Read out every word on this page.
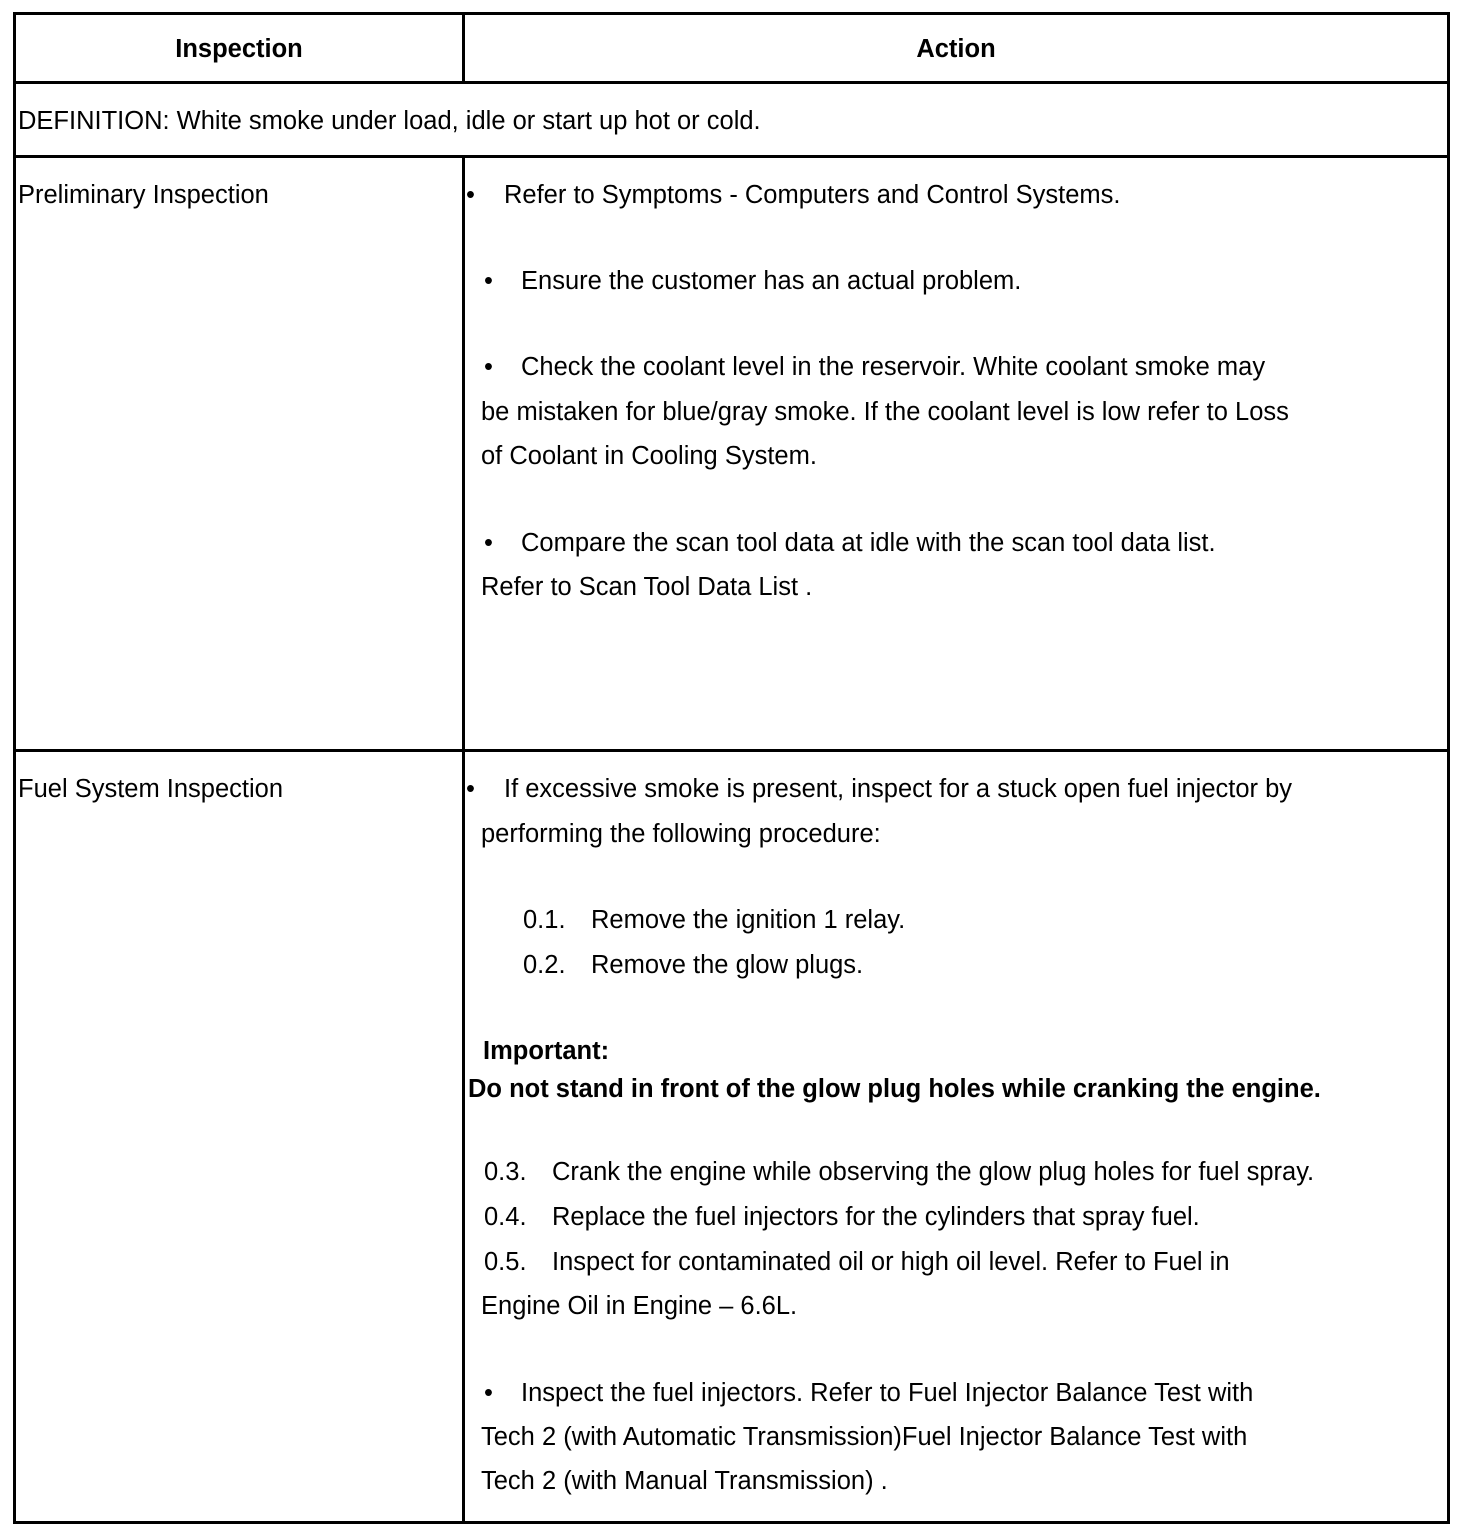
Inspection	Action
DEFINITION: White smoke under load, idle or start up hot or cold.
Preliminary Inspection	• Refer to Symptoms - Computers and Control Systems.
• Ensure the customer has an actual problem.
• Check the coolant level in the reservoir. White coolant smoke may
be mistaken for blue/gray smoke. If the coolant level is low refer to Loss
of Coolant in Cooling System.
• Compare the scan tool data at idle with the scan tool data list.
Refer to Scan Tool Data List .
Fuel System Inspection	• If excessive smoke is present, inspect for a stuck open fuel injector by
performing the following procedure:
0.1. Remove the ignition 1 relay.
0.2. Remove the glow plugs.
Important:
Do not stand in front of the glow plug holes while cranking the engine.
0.3. Crank the engine while observing the glow plug holes for fuel spray.
0.4. Replace the fuel injectors for the cylinders that spray fuel.
0.5. Inspect for contaminated oil or high oil level. Refer to Fuel in
Engine Oil in Engine – 6.6L.
• Inspect the fuel injectors. Refer to Fuel Injector Balance Test with
Tech 2 (with Automatic Transmission)Fuel Injector Balance Test with
Tech 2 (with Manual Transmission) .
